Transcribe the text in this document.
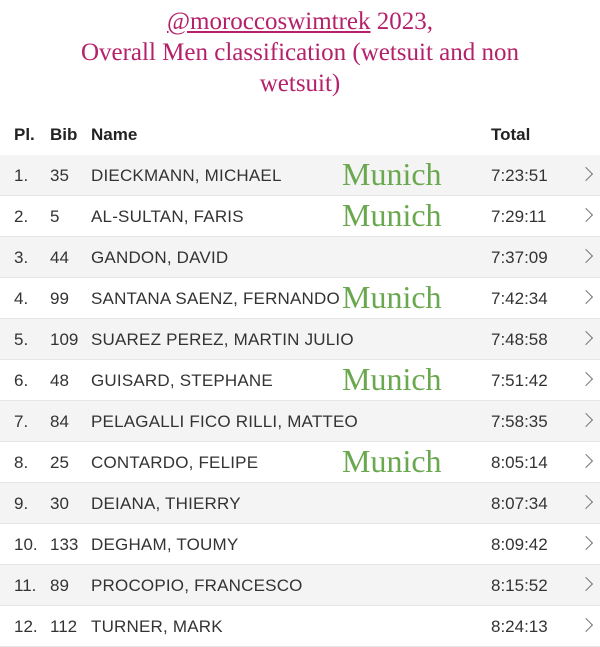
@moroccoswimtrek 2023,
Overall Men classification (wetsuit and non
wetsuit)
Pl. Bib Name	Total
1. 35 DIECKMANN, MICHAEL	7:23:51
Munich
2. 5 AL-SULTAN, FARIS	7:29:11
Munich
3. 44 GANDON, DAVID	7:37:09
4. 99 SANTANA SAENZ, FERNANDO	7:42:34
Munich
5. 109 SUAREZ PEREZ, MARTIN JULIO	7:48:58
6. 48 GUISARD, STEPHANE	7:51:42
Munich
7. 84 PELAGALLI FICO RILLI, MATTEO	7:58:35
8. 25 CONTARDO, FELIPE	8:05:14
Munich
9. 30 DEIANA, THIERRY	8:07:34
10. 133 DEGHAM, TOUMY	8:09:42
11. 89 PROCOPIO, FRANCESCO	8:15:52
12. 112 TURNER, MARK	8:24:13
